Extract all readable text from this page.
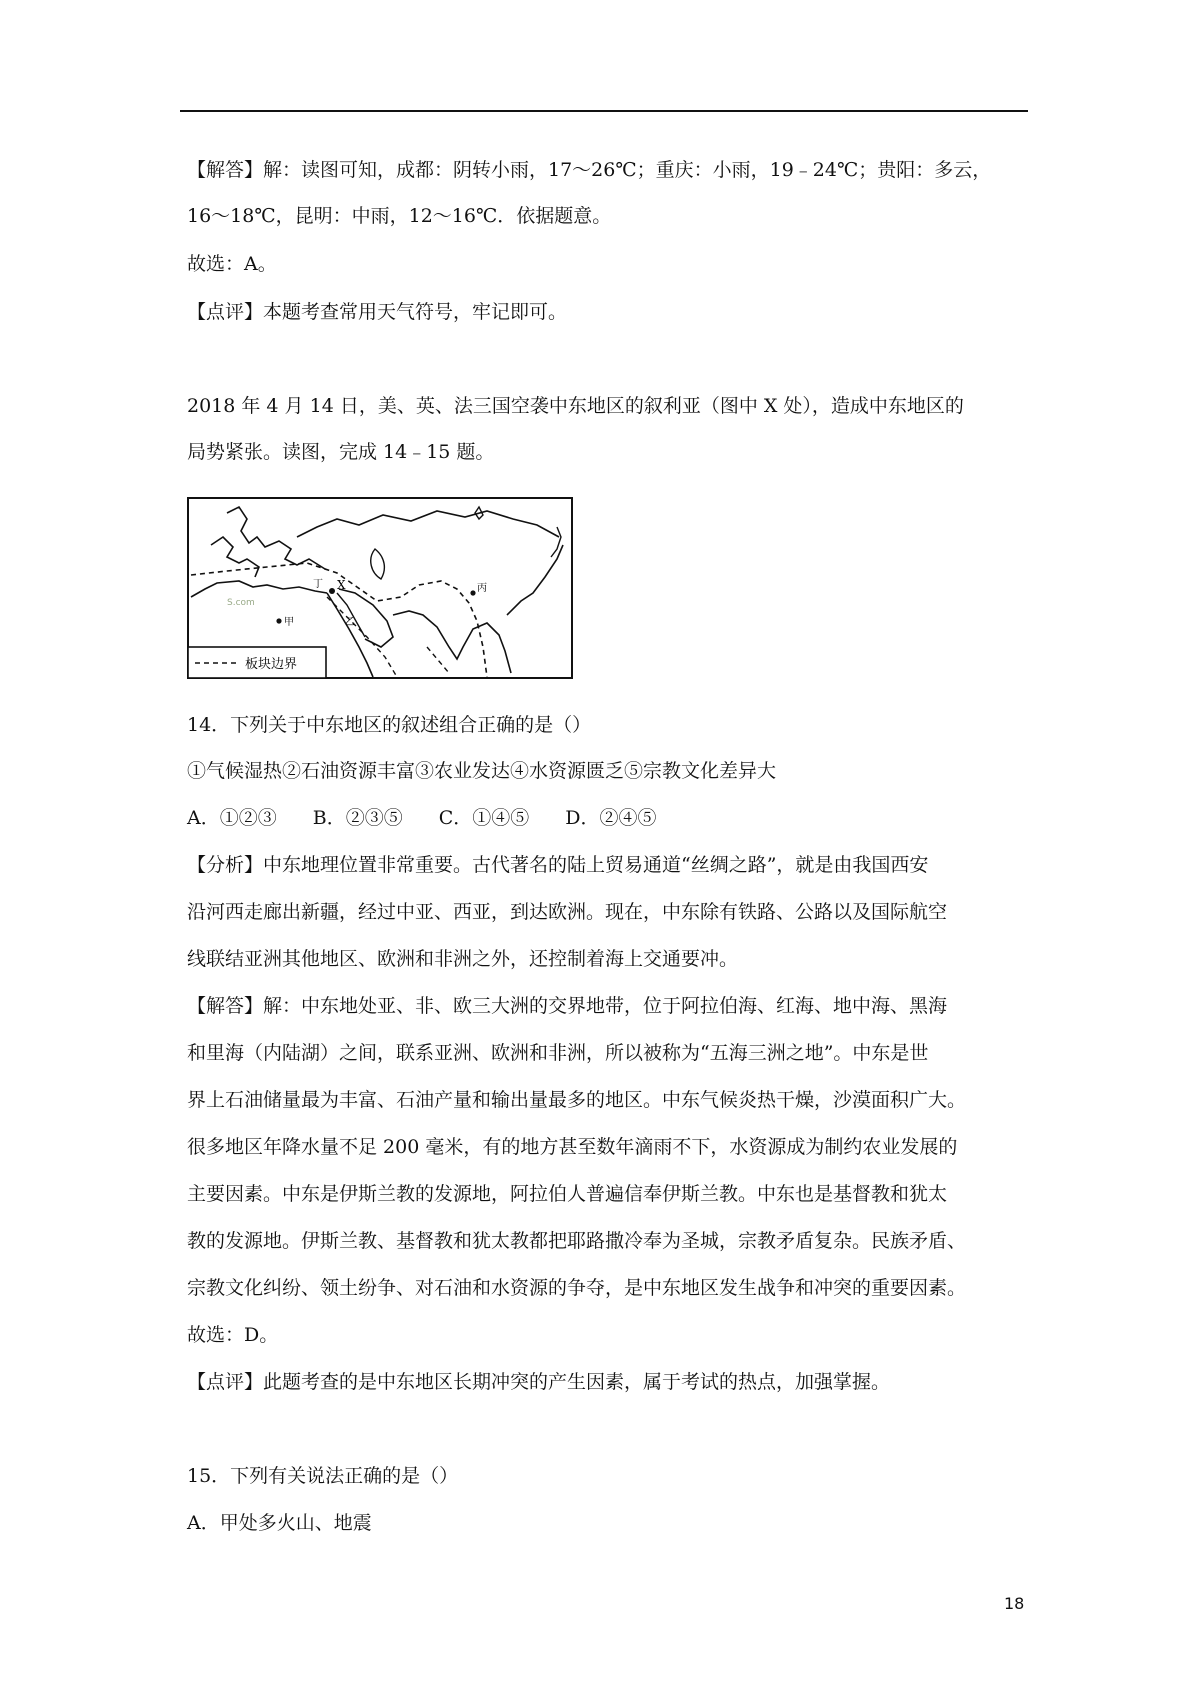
【解答】解：读图可知，成都：阴转小雨，17～26℃；重庆：小雨，19﹣24℃；贵阳：多云，
16～18℃，昆明：中雨，12～16℃．依据题意。
故选：A。
【点评】本题考查常用天气符号，牢记即可。
2018 年 4 月 14 日，美、英、法三国空袭中东地区的叙利亚（图中 X 处），造成中东地区的
局势紧张。读图，完成 14﹣15 题。
板块边界
X
丁
甲	乙
丙
S.com
14．下列关于中东地区的叙述组合正确的是（）
①气候湿热②石油资源丰富③农业发达④水资源匮乏⑤宗教文化差异大
A．①②③ B．②③⑤ C．①④⑤ D．②④⑤
【分析】中东地理位置非常重要。古代著名的陆上贸易通道“丝绸之路”，就是由我国西安
沿河西走廊出新疆，经过中亚、西亚，到达欧洲。现在，中东除有铁路、公路以及国际航空
线联结亚洲其他地区、欧洲和非洲之外，还控制着海上交通要冲。
【解答】解：中东地处亚、非、欧三大洲的交界地带，位于阿拉伯海、红海、地中海、黑海
和里海（内陆湖）之间，联系亚洲、欧洲和非洲，所以被称为“五海三洲之地”。中东是世
界上石油储量最为丰富、石油产量和输出量最多的地区。中东气候炎热干燥，沙漠面积广大。
很多地区年降水量不足 200 毫米，有的地方甚至数年滴雨不下，水资源成为制约农业发展的
主要因素。中东是伊斯兰教的发源地，阿拉伯人普遍信奉伊斯兰教。中东也是基督教和犹太
教的发源地。伊斯兰教、基督教和犹太教都把耶路撒冷奉为圣城，宗教矛盾复杂。民族矛盾、
宗教文化纠纷、领土纷争、对石油和水资源的争夺，是中东地区发生战争和冲突的重要因素。
故选：D。
【点评】此题考查的是中东地区长期冲突的产生因素，属于考试的热点，加强掌握。
15．下列有关说法正确的是（）
A．甲处多火山、地震
18
